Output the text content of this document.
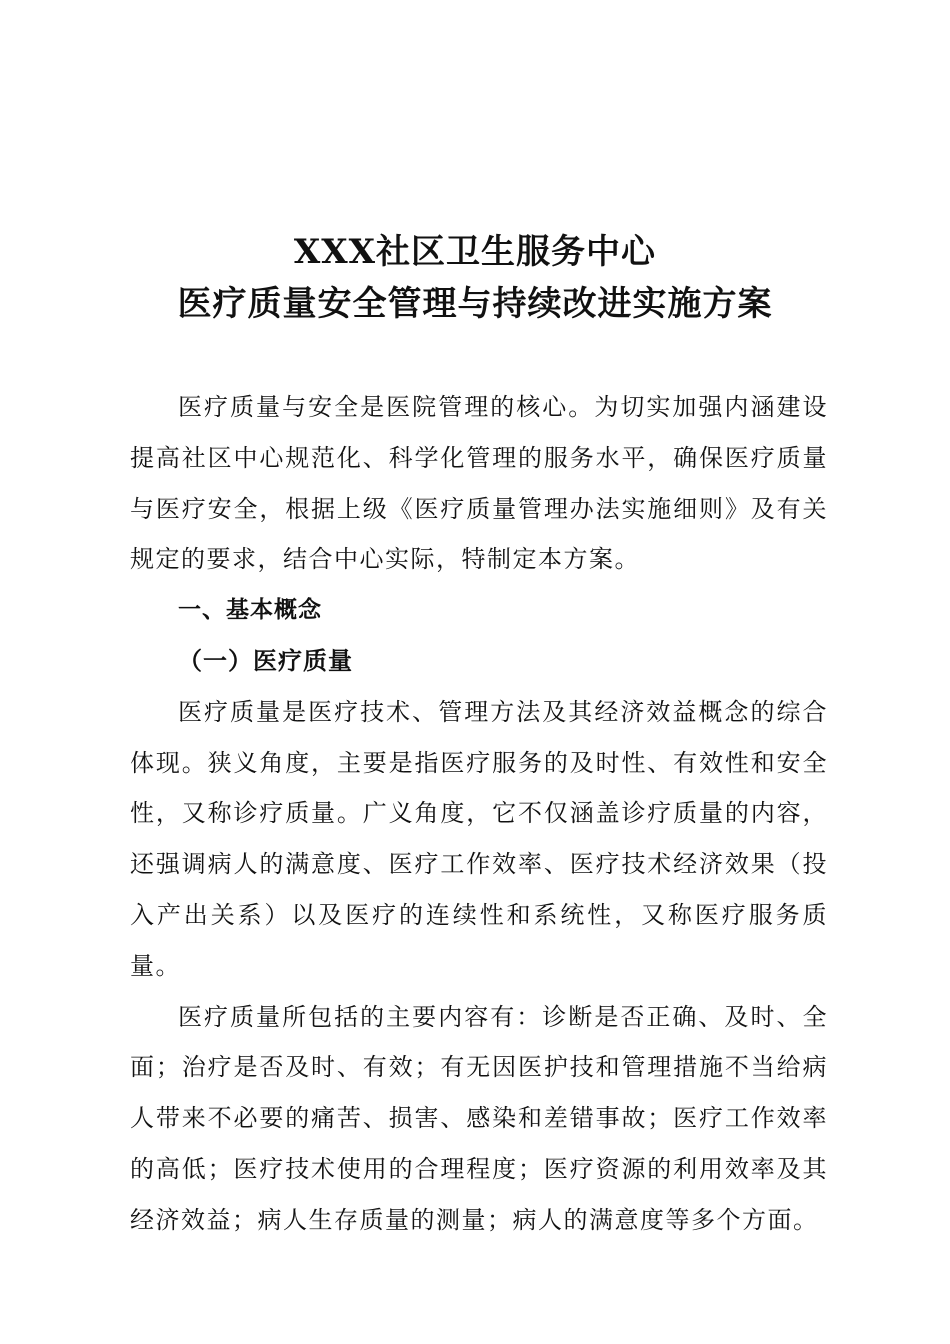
XXX社区卫生服务中心
医疗质量安全管理与持续改进实施方案

医疗质量与安全是医院管理的核心。为切实加强内涵建设提高社区中心规范化、科学化管理的服务水平，确保医疗质量与医疗安全，根据上级《医疗质量管理办法实施细则》及有关规定的要求，结合中心实际，特制定本方案。

一、基本概念

（一）医疗质量

医疗质量是医疗技术、管理方法及其经济效益概念的综合体现。狭义角度，主要是指医疗服务的及时性、有效性和安全性，又称诊疗质量。广义角度，它不仅涵盖诊疗质量的内容，还强调病人的满意度、医疗工作效率、医疗技术经济效果（投入产出关系）以及医疗的连续性和系统性，又称医疗服务质量。

医疗质量所包括的主要内容有：诊断是否正确、及时、全面；治疗是否及时、有效；有无因医护技和管理措施不当给病人带来不必要的痛苦、损害、感染和差错事故；医疗工作效率的高低；医疗技术使用的合理程度；医疗资源的利用效率及其经济效益；病人生存质量的测量；病人的满意度等多个方面。
